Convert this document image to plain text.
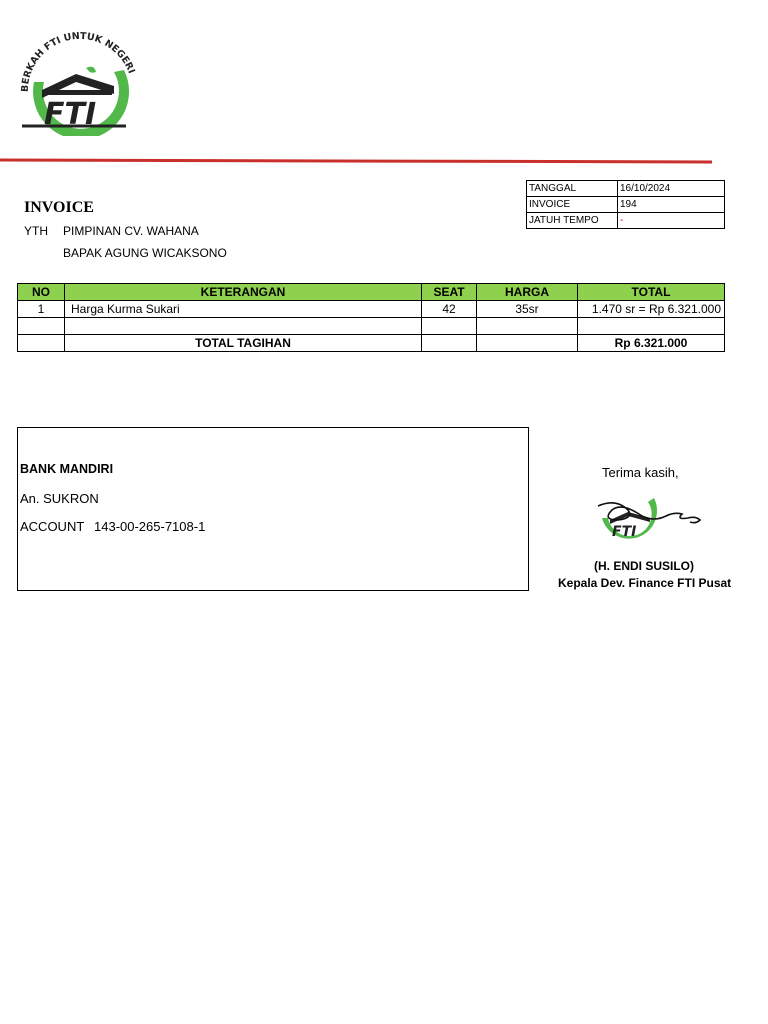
BERKAH FTI UNTUK NEGERI
FTI
TANGGAL	16/10/2024
INVOICE	194
JATUH TEMPO	-
INVOICE
YTH PIMPINAN CV. WAHANA
BAPAK AGUNG WICAKSONO
NO	KETERANGAN	SEAT	HARGA	TOTAL
1	Harga Kurma Sukari	42	35sr	1.470 sr = Rp 6.321.000

	TOTAL TAGIHAN			Rp 6.321.000
BANK MANDIRI
An. SUKRON
ACCOUNT 143-00-265-7108-1
Terima kasih,
FTI
(H. ENDI SUSILO)
Kepala Dev. Finance FTI Pusat
